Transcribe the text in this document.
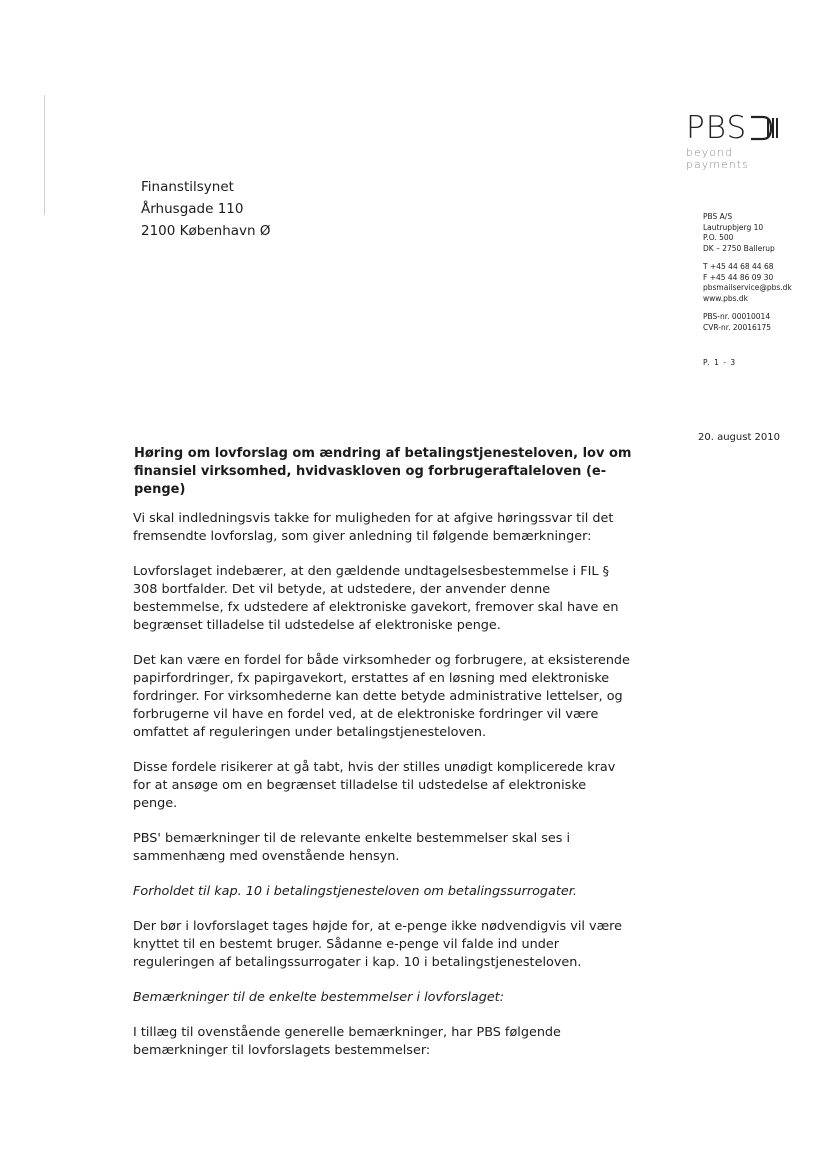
PBS
beyond payments
Finanstilsynet
Århusgade 110
2100 København Ø
PBS A/S
Lautrupbjerg 10
P.O. 500
DK – 2750 Ballerup
T +45 44 68 44 68
F +45 44 86 09 30
pbsmailservice@pbs.dk
www.pbs.dk
PBS-nr. 00010014
CVR-nr. 20016175
P. 1 - 3
20. august 2010
Høring om lovforslag om ændring af betalingstjenesteloven, lov om finansiel virksomhed, hvidvaskloven og forbrugeraftaleloven (e-penge)

Vi skal indledningsvis takke for muligheden for at afgive høringssvar til det fremsendte lovforslag, som giver anledning til følgende bemærkninger:

Lovforslaget indebærer, at den gældende undtagelsesbestemmelse i FIL § 308 bortfalder. Det vil betyde, at udstedere, der anvender denne bestemmelse, fx udstedere af elektroniske gavekort, fremover skal have en begrænset tilladelse til udstedelse af elektroniske penge.

Det kan være en fordel for både virksomheder og forbrugere, at eksisterende papirfordringer, fx papirgavekort, erstattes af en løsning med elektroniske fordringer. For virksomhederne kan dette betyde administrative lettelser, og forbrugerne vil have en fordel ved, at de elektroniske fordringer vil være omfattet af reguleringen under betalingstjenesteloven.

Disse fordele risikerer at gå tabt, hvis der stilles unødigt komplicerede krav for at ansøge om en begrænset tilladelse til udstedelse af elektroniske penge.

PBS' bemærkninger til de relevante enkelte bestemmelser skal ses i sammenhæng med ovenstående hensyn.

Forholdet til kap. 10 i betalingstjenesteloven om betalingssurrogater.

Der bør i lovforslaget tages højde for, at e-penge ikke nødvendigvis vil være knyttet til en bestemt bruger. Sådanne e-penge vil falde ind under reguleringen af betalingssurrogater i kap. 10 i betalingstjenesteloven.

Bemærkninger til de enkelte bestemmelser i lovforslaget:

I tillæg til ovenstående generelle bemærkninger, har PBS følgende bemærkninger til lovforslagets bestemmelser:
